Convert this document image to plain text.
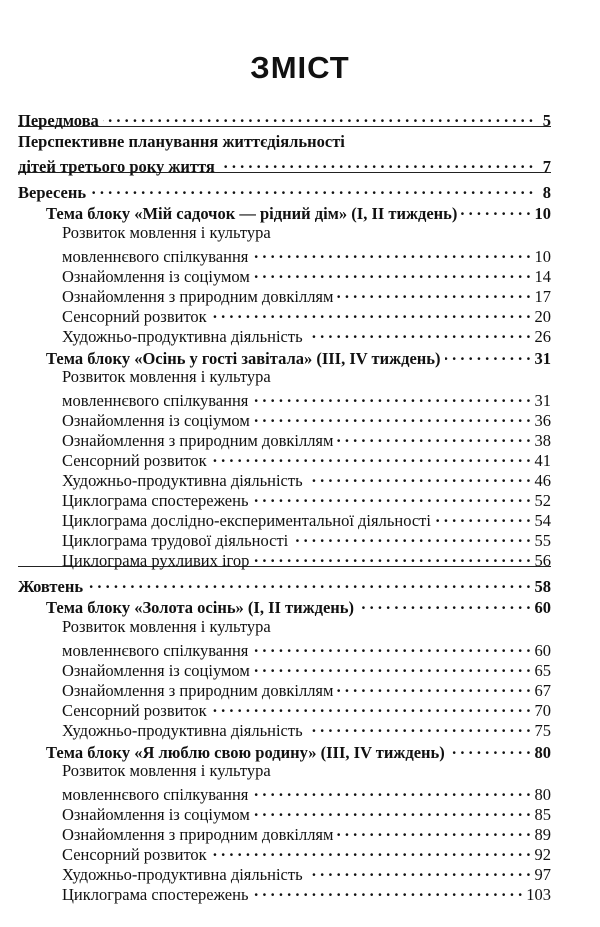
ЗМІСТ
Передмова . . .	5
Перспективне планування життєдіяльності
дітей третього року життя . . .	7
Вересень . . .	8
Тема блоку «Мій садочок — рідний дім» (I, II тиждень) . . .	10
Розвиток мовлення і культура
мовленнєвого спілкування . . .	10
Ознайомлення із соціумом . . .	14
Ознайомлення з природним довкіллям . . .	17
Сенсорний розвиток . . .	20
Художньо-продуктивна діяльність . . .	26
Тема блоку «Осінь у гості завітала» (III, IV тиждень) . . .	31
Розвиток мовлення і культура
мовленнєвого спілкування . . .	31
Ознайомлення із соціумом . . .	36
Ознайомлення з природним довкіллям . . .	38
Сенсорний розвиток . . .	41
Художньо-продуктивна діяльність . . .	46
Циклограма спостережень . . .	52
Циклограма дослідно-експериментальної діяльності . . .	54
Циклограма трудової діяльності . . .	55
Циклограма рухливих ігор . . .	56
Жовтень . . .	58
Тема блоку «Золота осінь» (I, II тиждень) . . .	60
Розвиток мовлення і культура
мовленнєвого спілкування . . .	60
Ознайомлення із соціумом . . .	65
Ознайомлення з природним довкіллям . . .	67
Сенсорний розвиток . . .	70
Художньо-продуктивна діяльність . . .	75
Тема блоку «Я люблю свою родину» (III, IV тиждень) . . .	80
Розвиток мовлення і культура
мовленнєвого спілкування . . .	80
Ознайомлення із соціумом . . .	85
Ознайомлення з природним довкіллям . . .	89
Сенсорний розвиток . . .	92
Художньо-продуктивна діяльність . . .	97
Циклограма спостережень . . .	103
